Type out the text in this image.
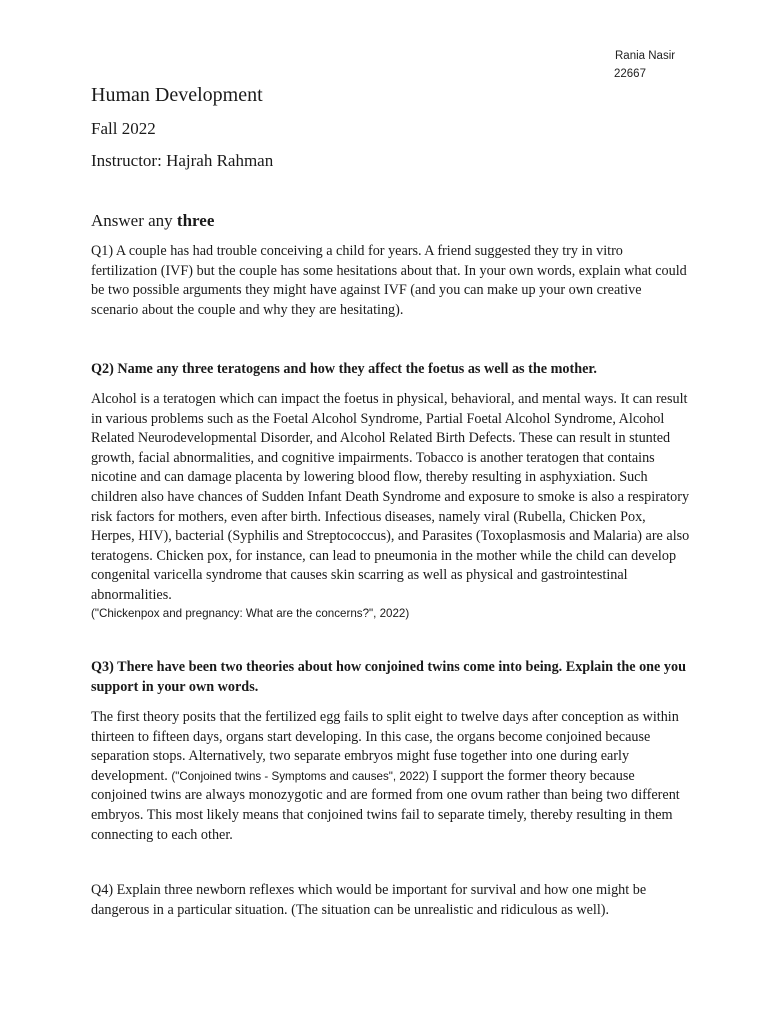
Rania Nasir
22667
Human Development
Fall 2022
Instructor: Hajrah Rahman
Answer any three

Q1) A couple has had trouble conceiving a child for years. A friend suggested they try in vitro fertilization (IVF) but the couple has some hesitations about that. In your own words, explain what could be two possible arguments they might have against IVF (and you can make up your own creative scenario about the couple and why they are hesitating).

Q2) Name any three teratogens and how they affect the foetus as well as the mother.

Alcohol is a teratogen which can impact the foetus in physical, behavioral, and mental ways. It can result in various problems such as the Foetal Alcohol Syndrome, Partial Foetal Alcohol Syndrome, Alcohol Related Neurodevelopmental Disorder, and Alcohol Related Birth Defects. These can result in stunted growth, facial abnormalities, and cognitive impairments. Tobacco is another teratogen that contains nicotine and can damage placenta by lowering blood flow, thereby resulting in asphyxiation. Such children also have chances of Sudden Infant Death Syndrome and exposure to smoke is also a respiratory risk factors for mothers, even after birth. Infectious diseases, namely viral (Rubella, Chicken Pox, Herpes, HIV), bacterial (Syphilis and Streptococcus), and Parasites (Toxoplasmosis and Malaria) are also teratogens. Chicken pox, for instance, can lead to pneumonia in the mother while the child can develop congenital varicella syndrome that causes skin scarring as well as physical and gastrointestinal abnormalities.
("Chickenpox and pregnancy: What are the concerns?", 2022)

Q3) There have been two theories about how conjoined twins come into being. Explain the one you support in your own words.

The first theory posits that the fertilized egg fails to split eight to twelve days after conception as within thirteen to fifteen days, organs start developing. In this case, the organs become conjoined because separation stops. Alternatively, two separate embryos might fuse together into one during early development. ("Conjoined twins - Symptoms and causes", 2022) I support the former theory because conjoined twins are always monozygotic and are formed from one ovum rather than being two different embryos. This most likely means that conjoined twins fail to separate timely, thereby resulting in them connecting to each other.

Q4) Explain three newborn reflexes which would be important for survival and how one might be dangerous in a particular situation. (The situation can be unrealistic and ridiculous as well).
